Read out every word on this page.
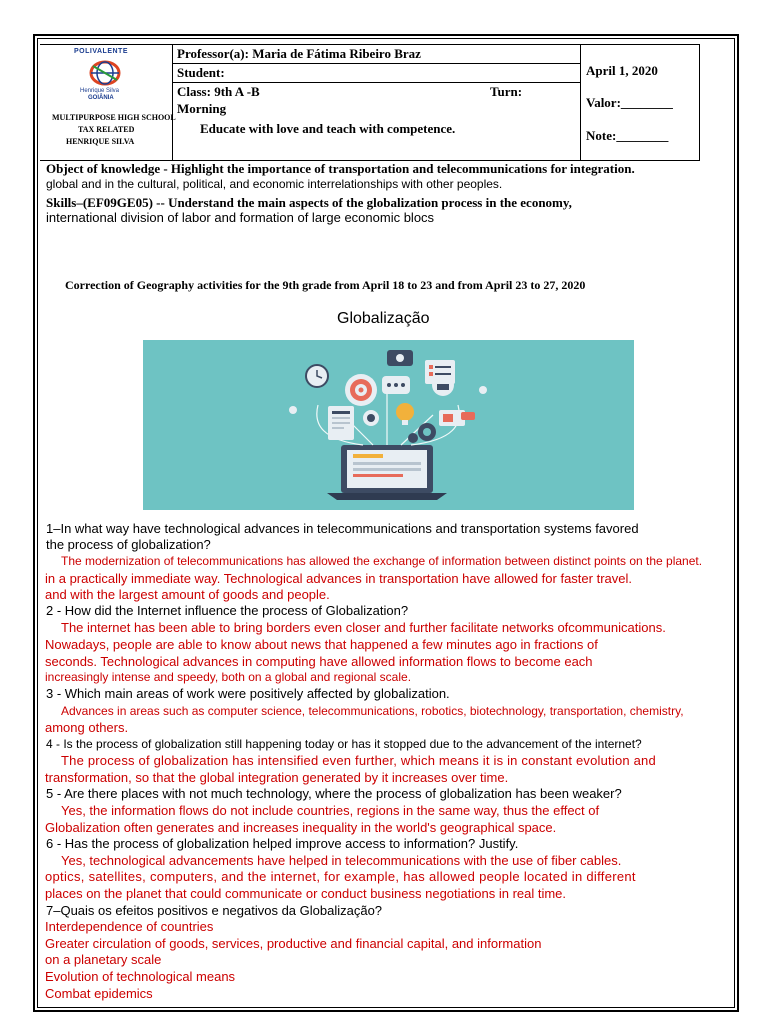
POLIVALENTE
Henrique Silva
GOIÂNIA
MULTIPURPOSE HIGH SCHOOL
TAX RELATED
HENRIQUE SILVA
Professor(a): Maria de Fátima Ribeiro Braz
Student:
Class: 9th A -B	Turn:
Morning
Educate with love and teach with competence.
April 1, 2020
Valor:________
Note:________
Object of knowledge - Highlight the importance of transportation and telecommunications for integration.
global and in the cultural, political, and economic interrelationships with other peoples.
Skills–(EF09GE05) -- Understand the main aspects of the globalization process in the economy,
international division of labor and formation of large economic blocs
Correction of Geography activities for the 9th grade from April 18 to 23 and from April 23 to 27, 2020
Globalização
1–In what way have technological advances in telecommunications and transportation systems favored
the process of globalization?
The modernization of telecommunications has allowed the exchange of information between distinct points on the planet.
in a practically immediate way. Technological advances in transportation have allowed for faster travel.
and with the largest amount of goods and people.
2 - How did the Internet influence the process of Globalization?
The internet has been able to bring borders even closer and further facilitate networks ofcommunications.
Nowadays, people are able to know about news that happened a few minutes ago in fractions of
seconds. Technological advances in computing have allowed information flows to become each
increasingly intense and speedy, both on a global and regional scale.
3 - Which main areas of work were positively affected by globalization.
Advances in areas such as computer science, telecommunications, robotics, biotechnology, transportation, chemistry,
among others.
4 - Is the process of globalization still happening today or has it stopped due to the advancement of the internet?
The process of globalization has intensified even further, which means it is in constant evolution and
transformation, so that the global integration generated by it increases over time.
5 - Are there places with not much technology, where the process of globalization has been weaker?
Yes, the information flows do not include countries, regions in the same way, thus the effect of
Globalization often generates and increases inequality in the world's geographical space.
6 - Has the process of globalization helped improve access to information? Justify.
Yes, technological advancements have helped in telecommunications with the use of fiber cables.
optics, satellites, computers, and the internet, for example, has allowed people located in different
places on the planet that could communicate or conduct business negotiations in real time.
7–Quais os efeitos positivos e negativos da Globalização?
Interdependence of countries
Greater circulation of goods, services, productive and financial capital, and information
on a planetary scale
Evolution of technological means
Combat epidemics
